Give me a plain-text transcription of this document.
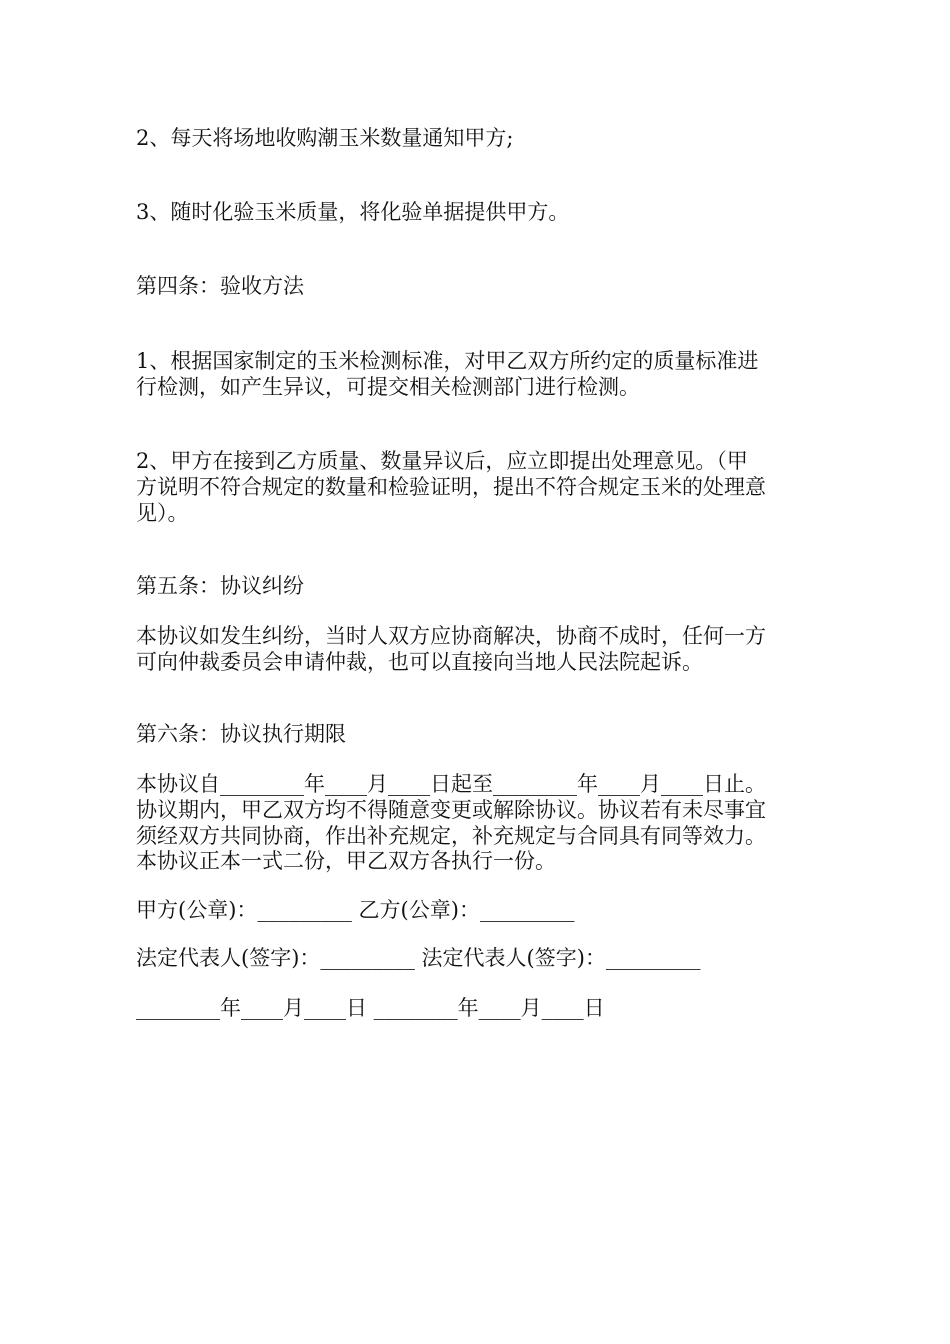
2、每天将场地收购潮玉米数量通知甲方;
3、随时化验玉米质量，将化验单据提供甲方。
第四条：验收方法
1、根据国家制定的玉米检测标准，对甲乙双方所约定的质量标准进
行检测，如产生异议，可提交相关检测部门进行检测。
2、甲方在接到乙方质量、数量异议后，应立即提出处理意见。（甲
方说明不符合规定的数量和检验证明，提出不符合规定玉米的处理意
见）。
第五条：协议纠纷
本协议如发生纠纷，当时人双方应协商解决，协商不成时，任何一方
可向仲裁委员会申请仲裁，也可以直接向当地人民法院起诉。
第六条：协议执行期限
本协议自________年____月____日起至________年____月____日止。
协议期内，甲乙双方均不得随意变更或解除协议。协议若有未尽事宜
须经双方共同协商，作出补充规定，补充规定与合同具有同等效力。
本协议正本一式二份，甲乙双方各执行一份。
甲方(公章)：_________ 乙方(公章)：_________
法定代表人(签字)：_________ 法定代表人(签字)：_________
________年____月____日 ________年____月____日
